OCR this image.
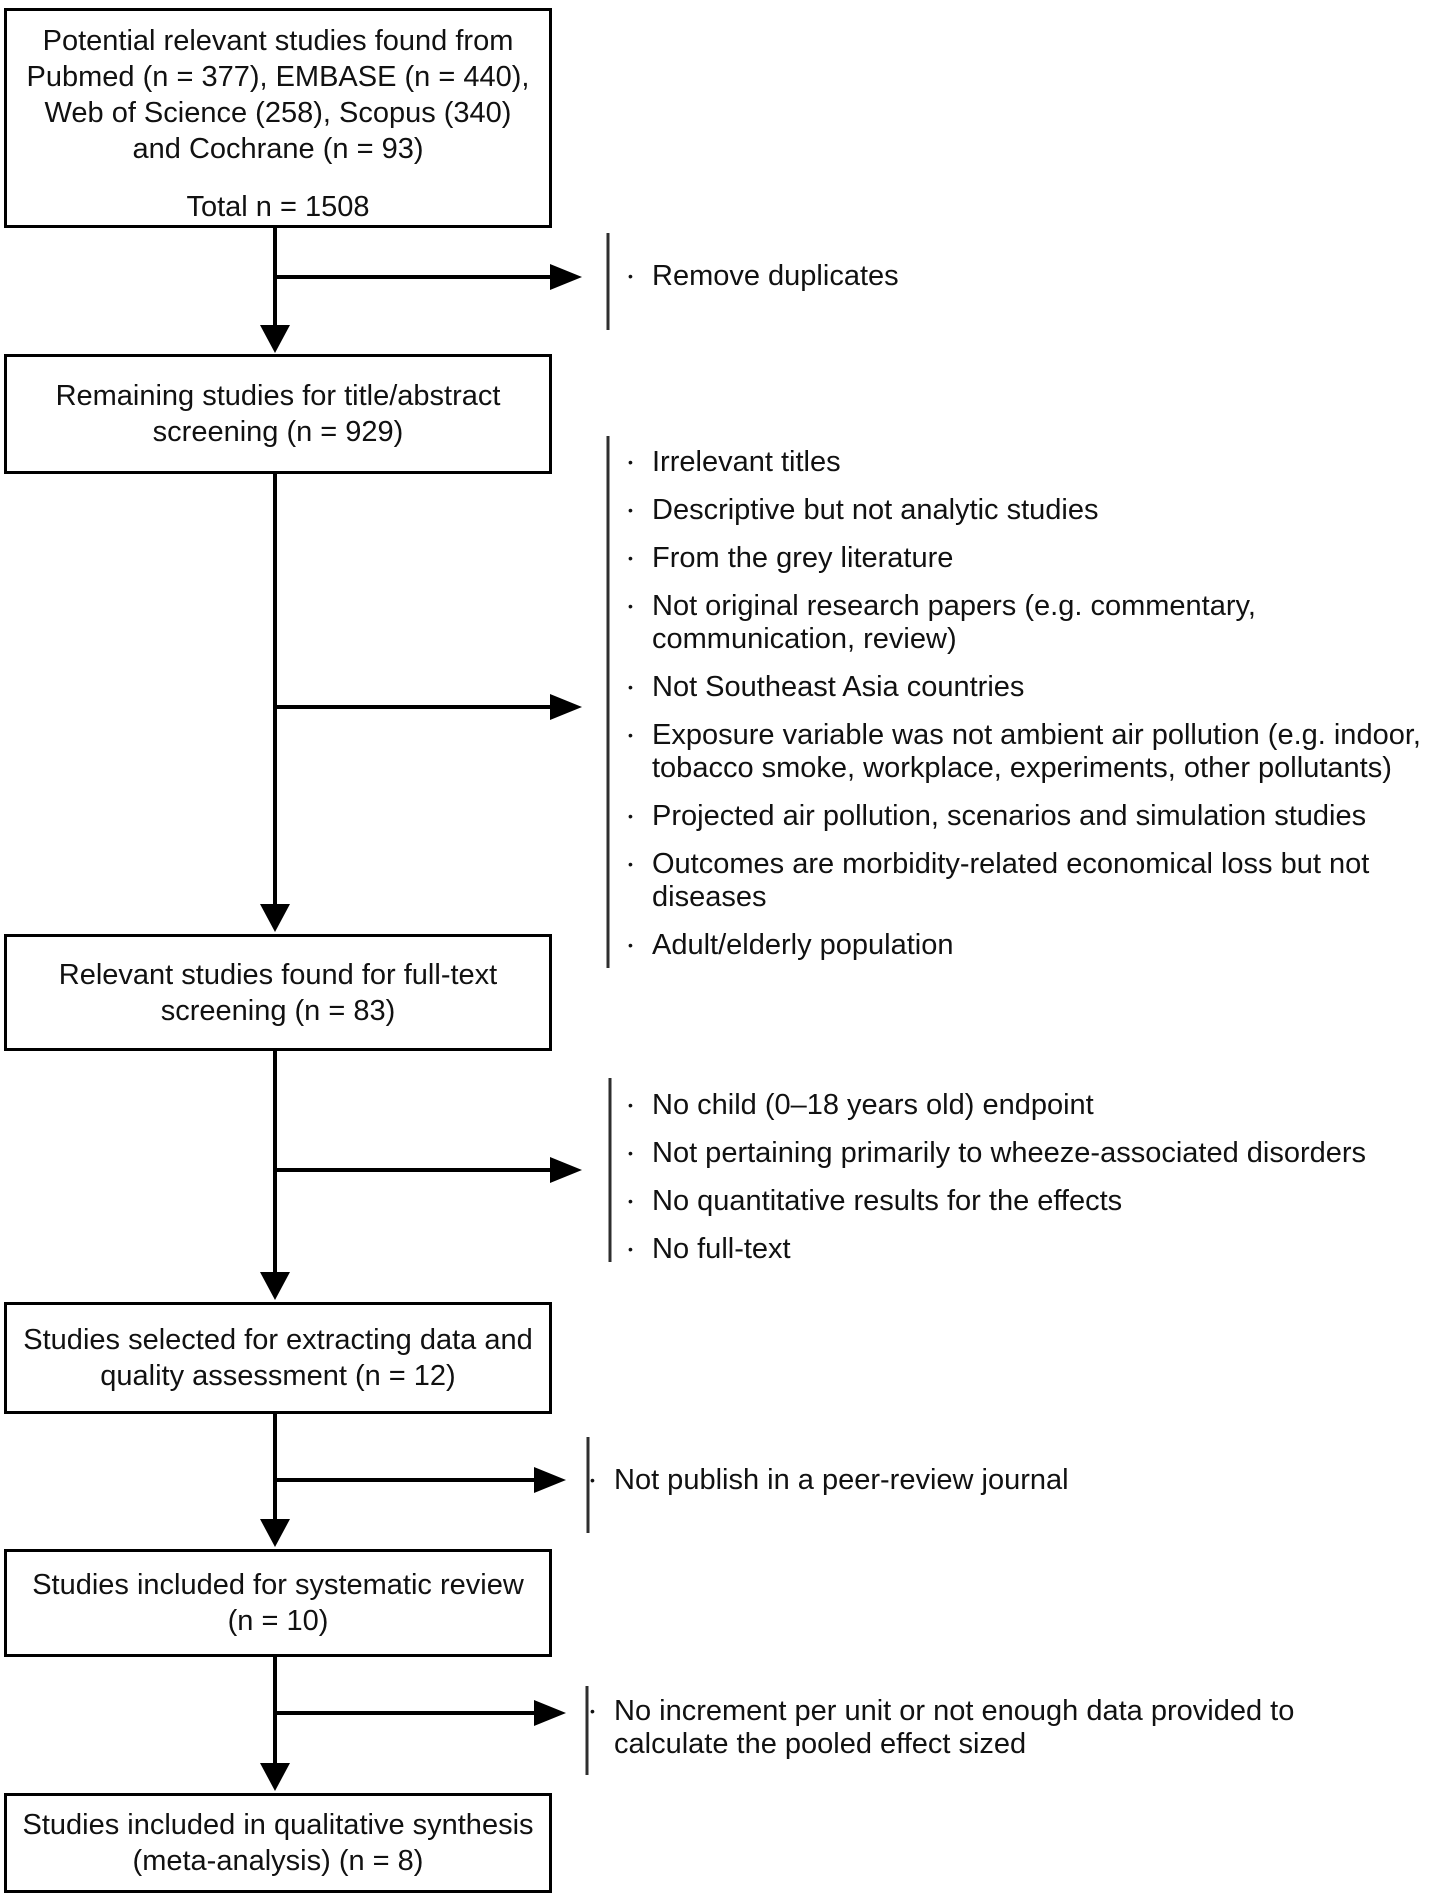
Potential relevant studies found from
Pubmed (n = 377), EMBASE (n = 440),
Web of Science (258), Scopus (340)
and Cochrane (n = 93)
Total n = 1508
Remaining studies for title/abstract
screening (n = 929)
Relevant studies found for full-text
screening (n = 83)
Studies selected for extracting data and
quality assessment (n = 12)
Studies included for systematic review
(n = 10)
Studies included in qualitative synthesis
(meta-analysis) (n = 8)
• Remove duplicates
• Irrelevant titles
• Descriptive but not analytic studies
• From the grey literature
• Not original research papers (e.g. commentary, communication, review)
• Not Southeast Asia countries
• Exposure variable was not ambient air pollution (e.g. indoor, tobacco smoke, workplace, experiments, other pollutants)
• Projected air pollution, scenarios and simulation studies
• Outcomes are morbidity-related economical loss but not diseases
• Adult/elderly population
• No child (0–18 years old) endpoint
• Not pertaining primarily to wheeze-associated disorders
• No quantitative results for the effects
• No full-text
• Not publish in a peer-review journal
• No increment per unit or not enough data provided to calculate the pooled effect sized
